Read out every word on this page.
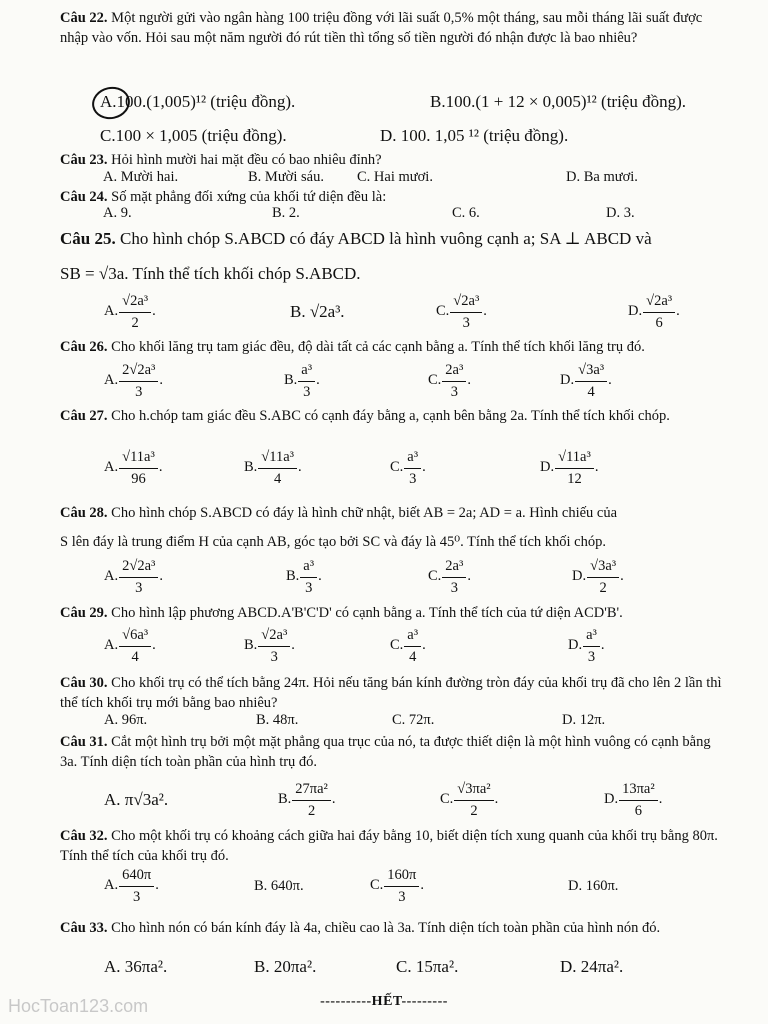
Câu 22. Một người gửi vào ngân hàng 100 triệu đồng với lãi suất 0,5% một tháng, sau mỗi tháng lãi suất được nhập vào vốn. Hỏi sau một năm người đó rút tiền thì tổng số tiền người đó nhận được là bao nhiêu?
A.100.(1,005)¹² (triệu đồng).	B.100.(1 + 12 × 0,005)¹² (triệu đồng).
C.100 × 1,005 (triệu đồng).	D. 100. 1,05 ¹² (triệu đồng).
Câu 23. Hỏi hình mười hai mặt đều có bao nhiêu đỉnh?
A. Mười hai.	B. Mười sáu. C. Hai mươi.	D. Ba mươi.
Câu 24. Số mặt phẳng đối xứng của khối tứ diện đều là:
A. 9.	B. 2.	C. 6.	D. 3.
Câu 25. Cho hình chóp S.ABCD có đáy ABCD là hình vuông cạnh a; SA ⊥ ABCD và
SB = √3a. Tính thể tích khối chóp S.ABCD.
A. $\frac{\text{√2a³}}{2}$ .	B. √2a³.	C. $\frac{\text{√2a³}}{3}$ .	D. $\frac{\text{√2a³}}{6}$ .
Câu 26. Cho khối lăng trụ tam giác đều, độ dài tất cả các cạnh bằng a. Tính thể tích khối lăng trụ đó.
A. $\frac{\text{2√2a³}}{3}$ .	B. $\frac{\text{a³}}{3}$ .	C. $\frac{\text{2a³}}{3}$ .	D. $\frac{\text{√3a³}}{4}$ .
Câu 27. Cho h.chóp tam giác đều S.ABC có cạnh đáy bằng a, cạnh bên bằng 2a. Tính thể tích khối chóp.
A. $\frac{\text{√11a³}}{96}$ .	B. $\frac{\text{√11a³}}{4}$ .	C. $\frac{\text{a³}}{3}$ .	D. $\frac{\text{√11a³}}{12}$ .
Câu 28. Cho hình chóp S.ABCD có đáy là hình chữ nhật, biết AB = 2a; AD = a. Hình chiếu của
S lên đáy là trung điểm H của cạnh AB, góc tạo bởi SC và đáy là 45⁰. Tính thể tích khối chóp.
A. $\frac{\text{2√2a³}}{3}$ .	B. $\frac{\text{a³}}{3}$ .	C. $\frac{\text{2a³}}{3}$ .	D. $\frac{\text{√3a³}}{2}$ .
Câu 29. Cho hình lập phương ABCD.A'B'C'D' có cạnh bằng a. Tính thể tích của tứ diện ACD'B'.
A. $\frac{\text{√6a³}}{4}$ .	B. $\frac{\text{√2a³}}{3}$ .	C. $\frac{\text{a³}}{4}$ .	D. $\frac{\text{a³}}{3}$ .
Câu 30. Cho khối trụ có thể tích bằng 24π. Hỏi nếu tăng bán kính đường tròn đáy của khối trụ đã cho lên 2 lần thì thể tích khối trụ mới bằng bao nhiêu?
A. 96π.	B. 48π.	C. 72π.	D. 12π.
Câu 31. Cắt một hình trụ bởi một mặt phẳng qua trục của nó, ta được thiết diện là một hình vuông có cạnh bằng 3a. Tính diện tích toàn phần của hình trụ đó.
A. π√3a².	B. $\frac{\text{27πa²}}{2}$ .	C. $\frac{\text{√3πa²}}{2}$ .	D. $\frac{\text{13πa²}}{6}$ .
Câu 32. Cho một khối trụ có khoảng cách giữa hai đáy bằng 10, biết diện tích xung quanh của khối trụ bằng 80π. Tính thể tích của khối trụ đó.
A. $\frac{640\pi}{3}$ .	B. 640π.	C. $\frac{160\pi}{3}$ .	D. 160π.
Câu 33. Cho hình nón có bán kính đáy là 4a, chiều cao là 3a. Tính diện tích toàn phần của hình nón đó.
A. 36πa².	B. 20πa².	C. 15πa².	D. 24πa².
----------HẾT---------
HocToan123.com
